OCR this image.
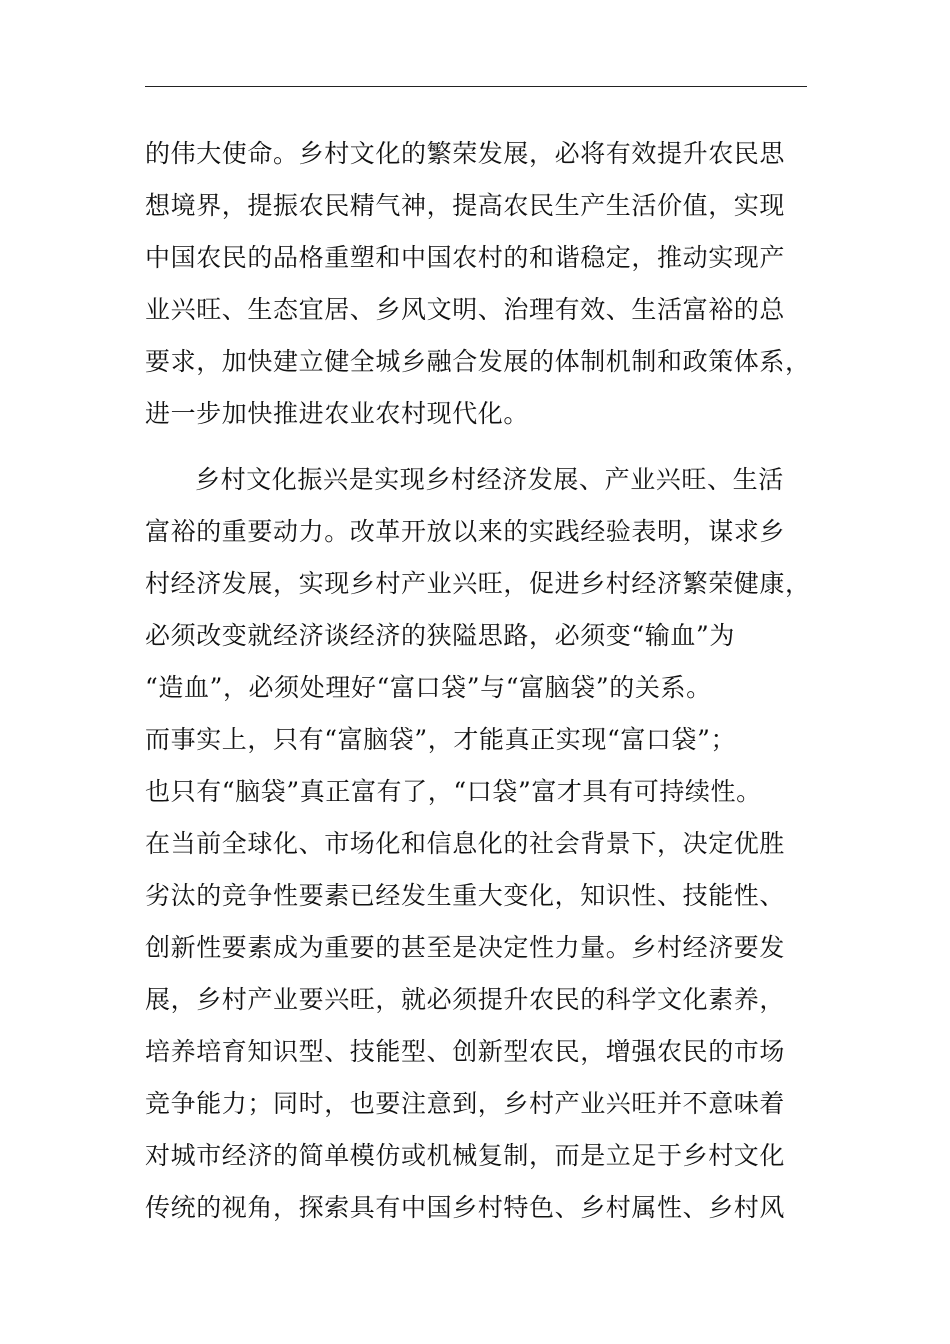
的伟大使命。乡村文化的繁荣发展，必将有效提升农民思
想境界，提振农民精气神，提高农民生产生活价值，实现
中国农民的品格重塑和中国农村的和谐稳定，推动实现产
业兴旺、生态宜居、乡风文明、治理有效、生活富裕的总
要求，加快建立健全城乡融合发展的体制机制和政策体系，
进一步加快推进农业农村现代化。
乡村文化振兴是实现乡村经济发展、产业兴旺、生活
富裕的重要动力。改革开放以来的实践经验表明，谋求乡
村经济发展，实现乡村产业兴旺，促进乡村经济繁荣健康，
必须改变就经济谈经济的狭隘思路，必须变“输血”为
“造血”，必须处理好“富口袋”与“富脑袋”的关系。
而事实上，只有“富脑袋”，才能真正实现“富口袋”；
也只有“脑袋”真正富有了，“口袋”富才具有可持续性。
在当前全球化、市场化和信息化的社会背景下，决定优胜
劣汰的竞争性要素已经发生重大变化，知识性、技能性、
创新性要素成为重要的甚至是决定性力量。乡村经济要发
展，乡村产业要兴旺，就必须提升农民的科学文化素养，
培养培育知识型、技能型、创新型农民，增强农民的市场
竞争能力；同时，也要注意到，乡村产业兴旺并不意味着
对城市经济的简单模仿或机械复制，而是立足于乡村文化
传统的视角，探索具有中国乡村特色、乡村属性、乡村风
